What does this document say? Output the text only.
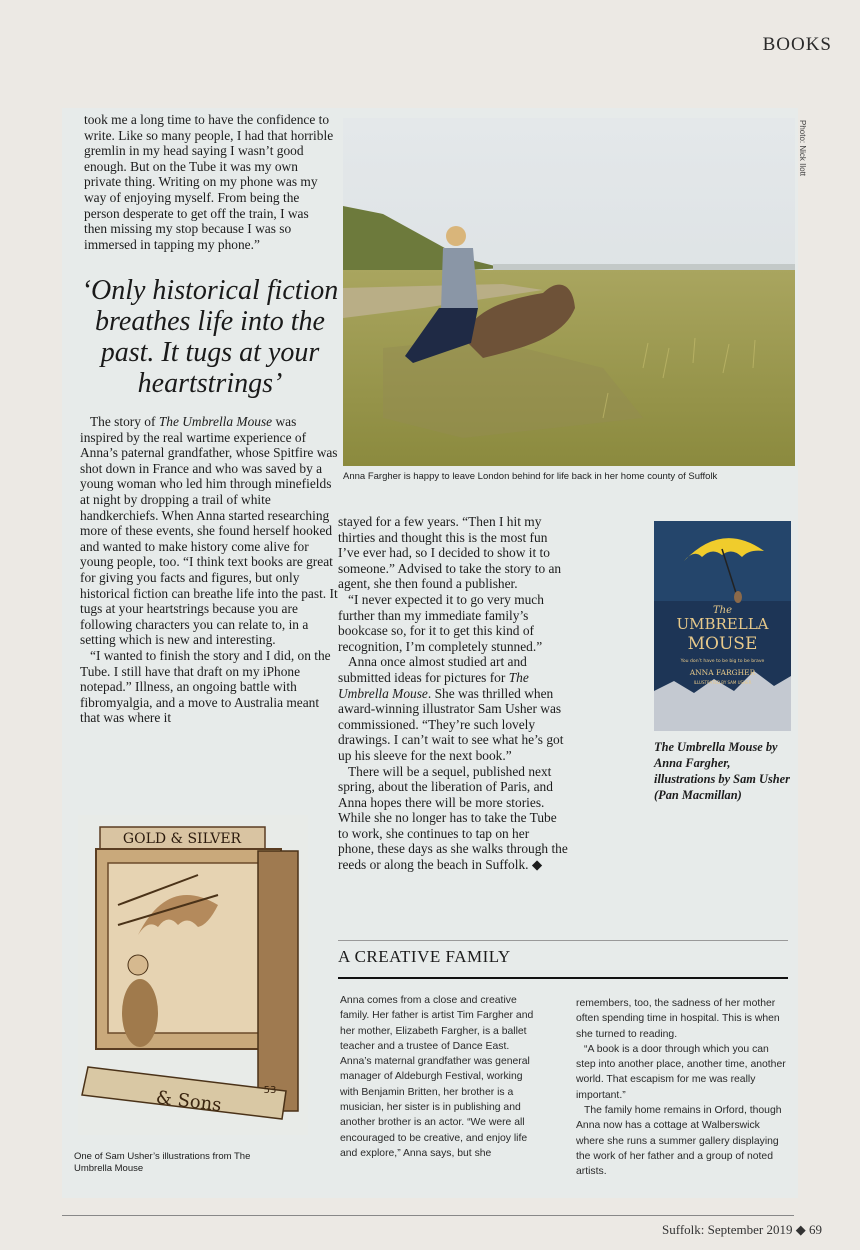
BOOKS
Photo: Nick Ilott

took me a long time to have the confidence to write. Like so many people, I had that horrible gremlin in my head saying I wasn’t good enough. But on the Tube it was my own private thing. Writing on my phone was my way of enjoying myself. From being the person desperate to get off the train, I was then missing my stop because I was so immersed in tapping my phone.”

‘Only historical fiction breathes life into the past. It tugs at your heartstrings’

The story of The Umbrella Mouse was inspired by the real wartime experience of Anna’s paternal grandfather, whose Spitfire was shot down in France and who was saved by a young woman who led him through minefields at night by dropping a trail of white handkerchiefs. When Anna started researching more of these events, she found herself hooked and wanted to make history come alive for young people, too. “I think text books are great for giving you facts and figures, but only historical fiction can breathe life into the past. It tugs at your heartstrings because you are following characters you can relate to, in a setting which is new and interesting.

“I wanted to finish the story and I did, on the Tube. I still have that draft on my iPhone notepad.” Illness, an ongoing battle with fibromyalgia, and a move to Australia meant that was where it

Anna Fargher is happy to leave London behind for life back in her home county of Suffolk

stayed for a few years. “Then I hit my thirties and thought this is the most fun I’ve ever had, so I decided to show it to someone.” Advised to take the story to an agent, she then found a publisher.

“I never expected it to go very much further than my immediate family’s bookcase so, for it to get this kind of recognition, I’m completely stunned.”

Anna once almost studied art and submitted ideas for pictures for The Umbrella Mouse. She was thrilled when award-winning illustrator Sam Usher was commissioned. “They’re such lovely drawings. I can’t wait to see what he’s got up his sleeve for the next book.”

There will be a sequel, published next spring, about the liberation of Paris, and Anna hopes there will be more stories. While she no longer has to take the Tube to work, she continues to tap on her phone, these days as she walks through the reeds or along the beach in Suffolk. ◆

The
UMBRELLA
MOUSE
You don’t have to be big to be brave
ANNA FARGHER
ILLUSTRATED BY SAM USHER
The Umbrella Mouse by Anna Fargher, illustrations by Sam Usher (Pan Macmillan)
GOLD & SILVER
& Sons	53
One of Sam Usher’s illustrations from The Umbrella Mouse
A CREATIVE FAMILY

Anna comes from a close and creative family. Her father is artist Tim Fargher and her mother, Elizabeth Fargher, is a ballet teacher and a trustee of Dance East. Anna’s maternal grandfather was general manager of Aldeburgh Festival, working with Benjamin Britten, her brother is a musician, her sister is in publishing and another brother is an actor. “We were all encouraged to be creative, and enjoy life and explore,” Anna says, but she

remembers, too, the sadness of her mother often spending time in hospital. This is when she turned to reading.

“A book is a door through which you can step into another place, another time, another world. That escapism for me was really important.”

The family home remains in Orford, though Anna now has a cottage at Walberswick where she runs a summer gallery displaying the work of her father and a group of noted artists.

Suffolk: September 2019 ◆ 69
